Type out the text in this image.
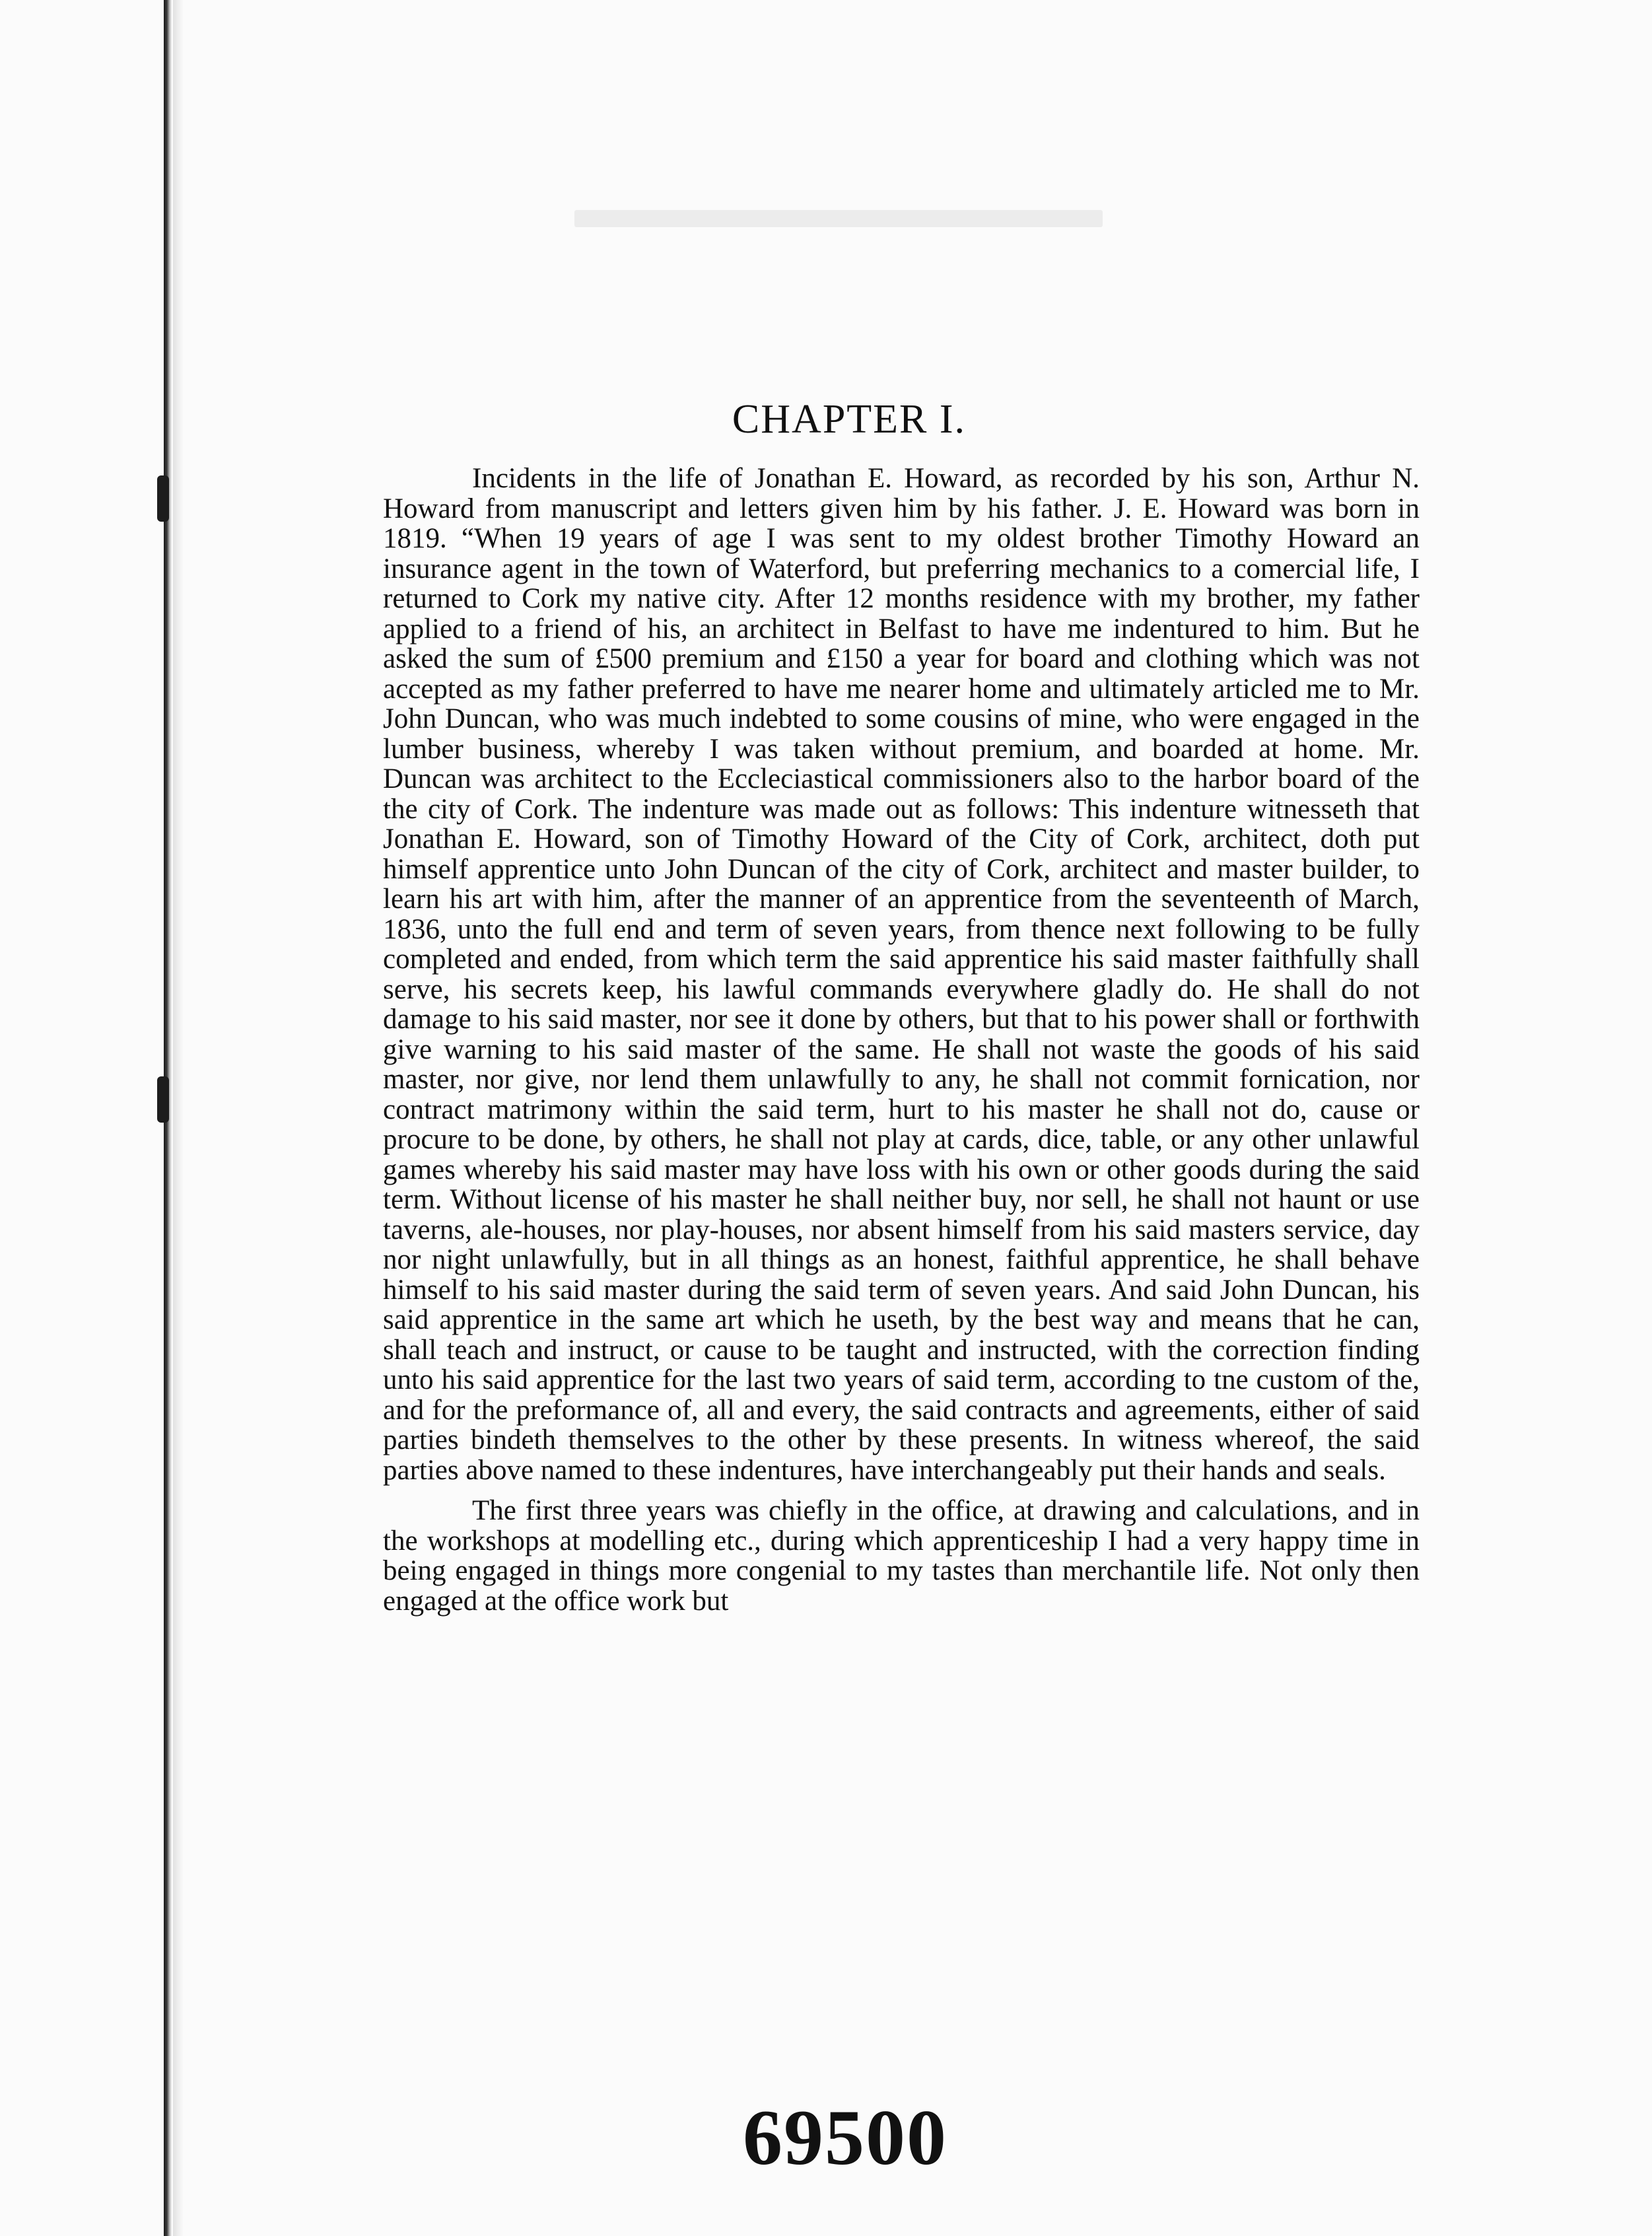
CHAPTER I.

Incidents in the life of Jonathan E. Howard, as recorded by his son, Arthur N. Howard from manuscript and letters given him by his father. J. E. Howard was born in 1819. “When 19 years of age I was sent to my oldest brother Timothy Howard an insurance agent in the town of Waterford, but preferring mechanics to a comercial life, I returned to Cork my native city. After 12 months residence with my brother, my father applied to a friend of his, an architect in Belfast to have me indentured to him. But he asked the sum of £500 premium and £150 a year for board and clothing which was not accepted as my father preferred to have me nearer home and ultimately articled me to Mr. John Duncan, who was much indebted to some cousins of mine, who were engaged in the lumber business, whereby I was taken without premium, and boarded at home. Mr. Duncan was architect to the Eccleciastical commissioners also to the harbor board of the the city of Cork. The indenture was made out as follows: This indenture witnesseth that Jonathan E. Howard, son of Timothy Howard of the City of Cork, architect, doth put himself apprentice unto John Duncan of the city of Cork, architect and master builder, to learn his art with him, after the manner of an apprentice from the seventeenth of March, 1836, unto the full end and term of seven years, from thence next following to be fully completed and ended, from which term the said apprentice his said master faithfully shall serve, his secrets keep, his lawful commands everywhere gladly do. He shall do not damage to his said master, nor see it done by others, but that to his power shall or forthwith give warning to his said master of the same. He shall not waste the goods of his said master, nor give, nor lend them unlawfully to any, he shall not commit fornication, nor contract matrimony within the said term, hurt to his master he shall not do, cause or procure to be done, by others, he shall not play at cards, dice, table, or any other unlawful games whereby his said master may have loss with his own or other goods during the said term. Without license of his master he shall neither buy, nor sell, he shall not haunt or use taverns, ale-houses, nor play-houses, nor absent himself from his said masters service, day nor night unlawfully, but in all things as an honest, faithful apprentice, he shall behave himself to his said master during the said term of seven years. And said John Duncan, his said apprentice in the same art which he useth, by the best way and means that he can, shall teach and instruct, or cause to be taught and instructed, with the correction finding unto his said apprentice for the last two years of said term, according to tne custom of the, and for the preformance of, all and every, the said contracts and agreements, either of said parties bindeth themselves to the other by these presents. In witness whereof, the said parties above named to these indentures, have interchangeably put their hands and seals.

The first three years was chiefly in the office, at drawing and calculations, and in the workshops at modelling etc., during which apprenticeship I had a very happy time in being engaged in things more congenial to my tastes than merchantile life. Not only then engaged at the office work but

69500
